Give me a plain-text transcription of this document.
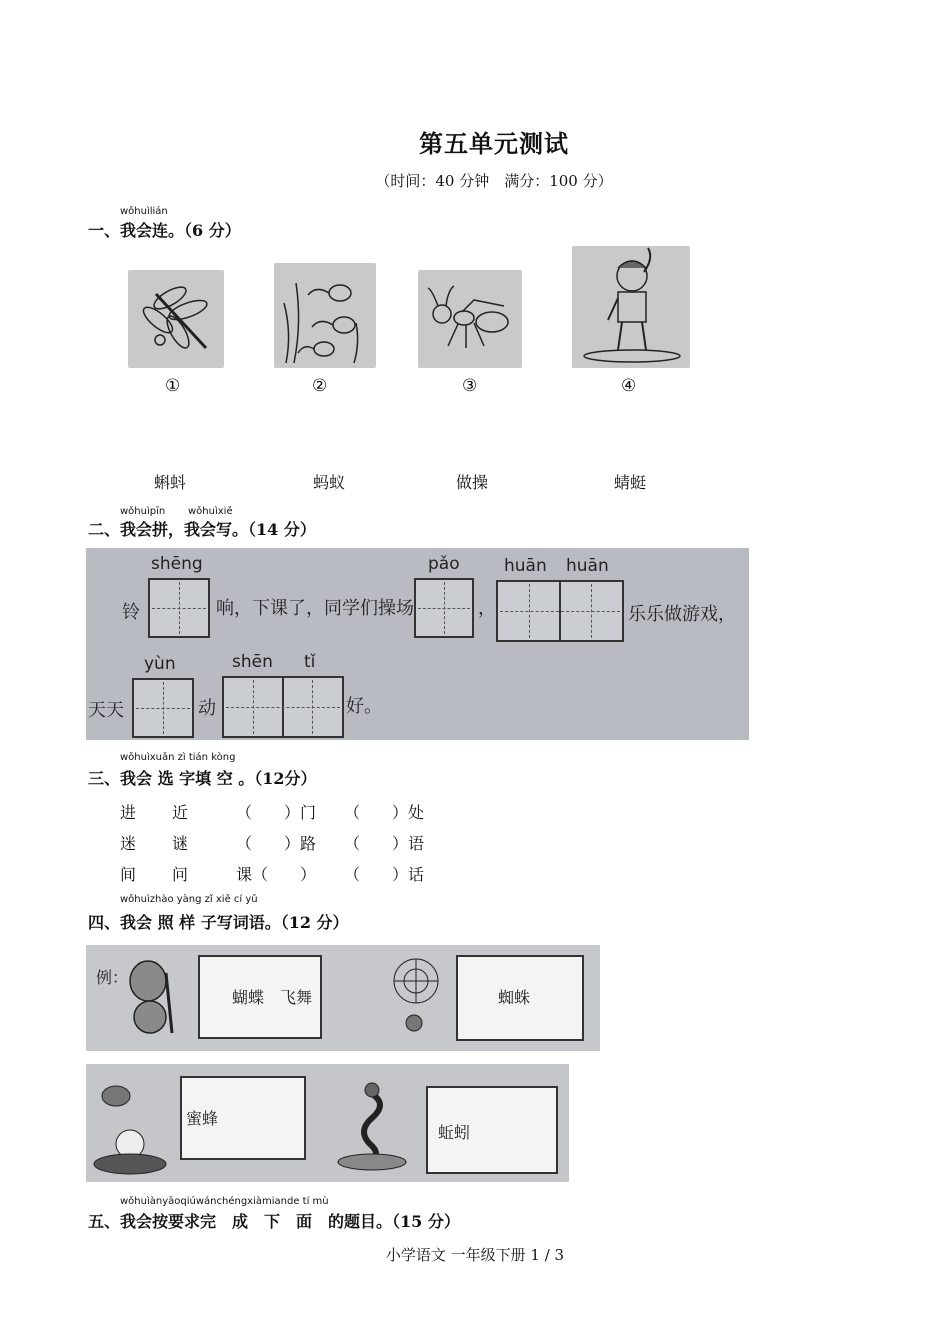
第五单元测试
（时间：40 分钟　满分：100 分）
wǒhuìlián
一、我会连。（6 分）
①	②	③	④
蝌蚪	蚂蚁	做操	蜻蜓
wǒhuìpīn wǒhuìxiě
二、我会拼，我会写。（14 分）
铃
shēng
响，下课了，同学们操场
pǎo
，
huān huān
乐乐做游戏，
天天
yùn
动
shēn tǐ
好。
wǒhuìxuǎn zì tián kòng
三、我会 选 字填 空 。（12分）
进 近	（　　）门 （　　）处
迷 谜	（　　）路 （　　）语
间 问	课（　　） （　　）话
wǒhuìzhào yàng zǐ xiě cí yǔ
四、我会 照 样 子写词语。（12 分）
例：
蝴蝶　飞舞	蜘蛛
蜜蜂
蚯蚓
wǒhuìànyāoqiúwánchéngxiàmiande tí mù
五、我会按要求完　成　下　面　的题目。（15 分）
小学语文 一年级下册 1 / 3
